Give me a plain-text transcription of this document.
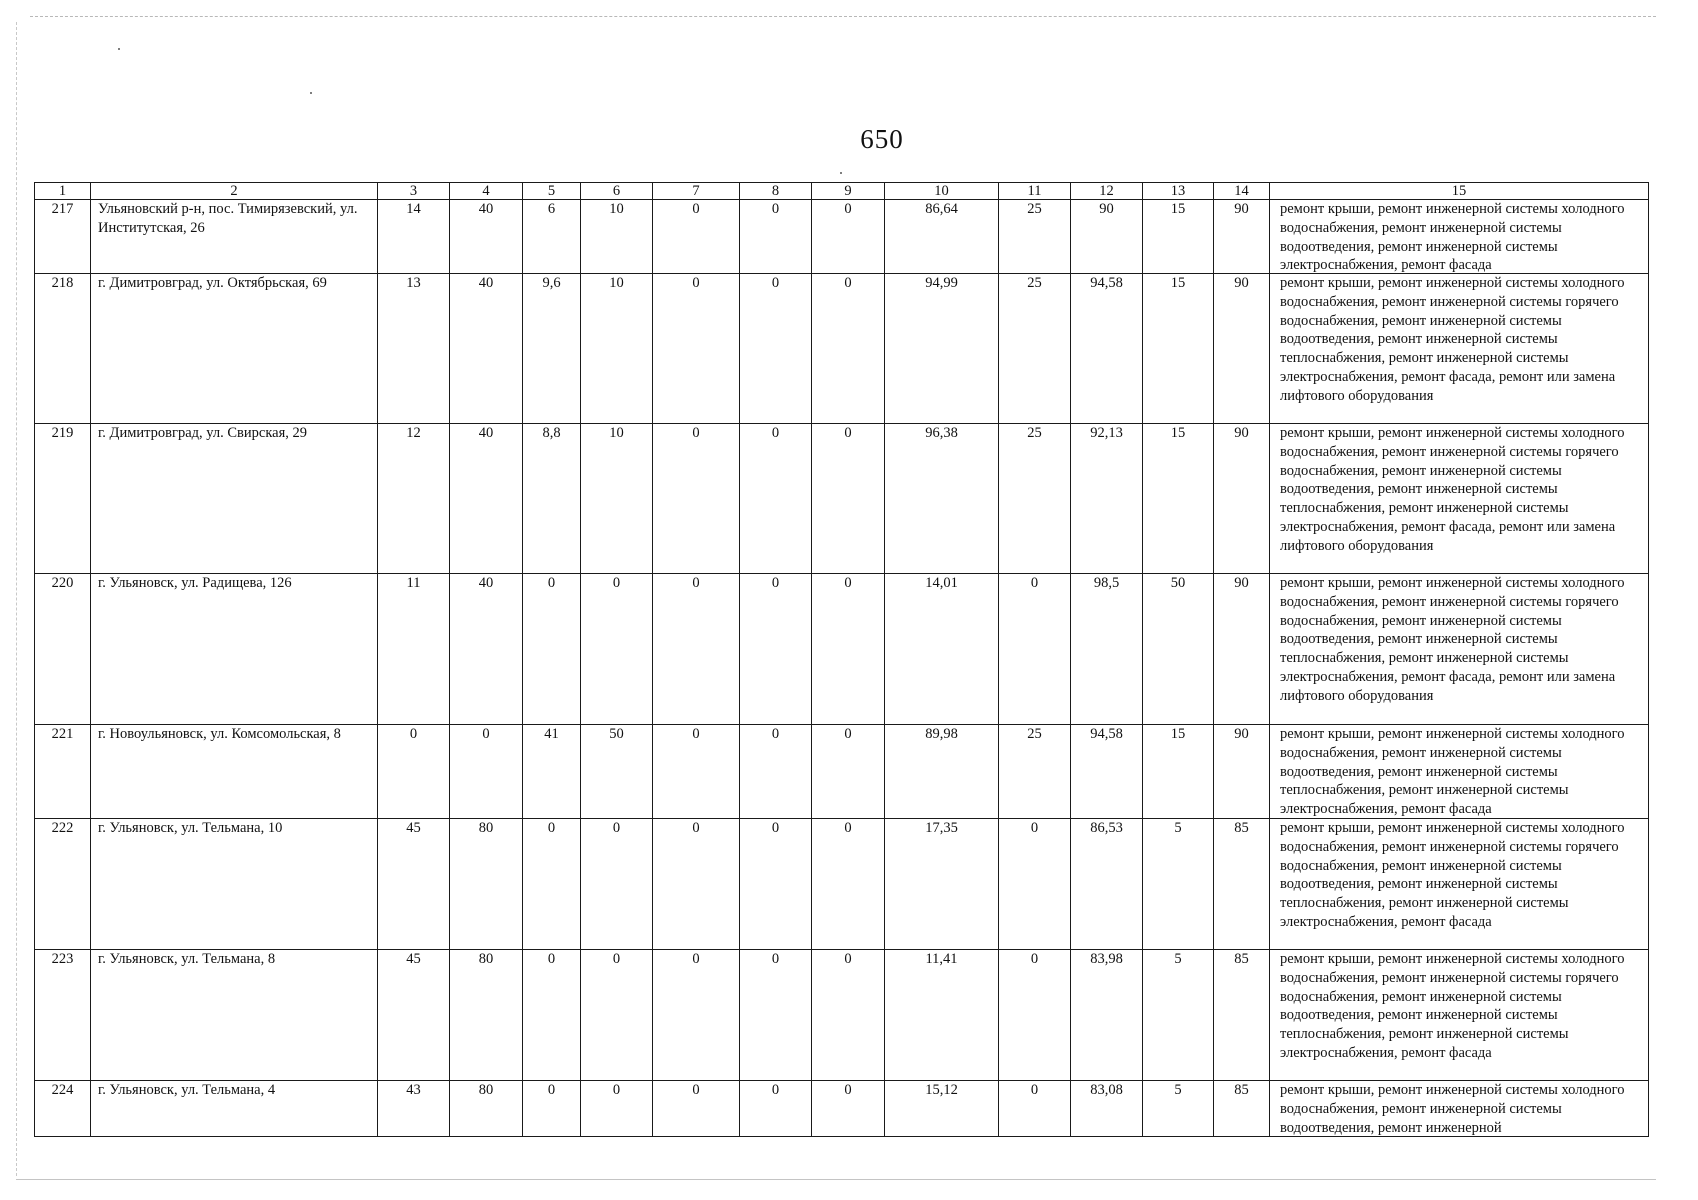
650
1	2	3	4	5	6	7	8	9	10	11	12	13	14	15
217	Ульяновский р-н, пос. Тимирязевский, ул. Институтская, 26	14	40	6	10	0	0	0	86,64	25	90	15	90	ремонт крыши, ремонт инженерной системы холодного водоснабжения, ремонт инженерной системы водоотведения, ремонт инженерной системы электроснабжения, ремонт фасада

218	г. Димитровград, ул. Октябрьская, 69	13	40	9,6	10	0	0	0	94,99	25	94,58	15	90	ремонт крыши, ремонт инженерной системы холодного водоснабжения, ремонт инженерной системы горячего водоснабжения, ремонт инженерной системы водоотведения, ремонт инженерной системы теплоснабжения, ремонт инженерной системы электроснабжения, ремонт фасада, ремонт или замена лифтового оборудования

219	г. Димитровград, ул. Свирская, 29	12	40	8,8	10	0	0	0	96,38	25	92,13	15	90	ремонт крыши, ремонт инженерной системы холодного водоснабжения, ремонт инженерной системы горячего водоснабжения, ремонт инженерной системы водоотведения, ремонт инженерной системы теплоснабжения, ремонт инженерной системы электроснабжения, ремонт фасада, ремонт или замена лифтового оборудования

220	г. Ульяновск, ул. Радищева, 126	11	40	0	0	0	0	0	14,01	0	98,5	50	90	ремонт крыши, ремонт инженерной системы холодного водоснабжения, ремонт инженерной системы горячего водоснабжения, ремонт инженерной системы водоотведения, ремонт инженерной системы теплоснабжения, ремонт инженерной системы электроснабжения, ремонт фасада, ремонт или замена лифтового оборудования

221	г. Новоульяновск, ул. Комсомольская, 8	0	0	41	50	0	0	0	89,98	25	94,58	15	90	ремонт крыши, ремонт инженерной системы холодного водоснабжения, ремонт инженерной системы водоотведения, ремонт инженерной системы теплоснабжения, ремонт инженерной системы электроснабжения, ремонт фасада

222	г. Ульяновск, ул. Тельмана, 10	45	80	0	0	0	0	0	17,35	0	86,53	5	85	ремонт крыши, ремонт инженерной системы холодного водоснабжения, ремонт инженерной системы горячего водоснабжения, ремонт инженерной системы водоотведения, ремонт инженерной системы теплоснабжения, ремонт инженерной системы электроснабжения, ремонт фасада

223	г. Ульяновск, ул. Тельмана, 8	45	80	0	0	0	0	0	11,41	0	83,98	5	85	ремонт крыши, ремонт инженерной системы холодного водоснабжения, ремонт инженерной системы горячего водоснабжения, ремонт инженерной системы водоотведения, ремонт инженерной системы теплоснабжения, ремонт инженерной системы электроснабжения, ремонт фасада

224	г. Ульяновск, ул. Тельмана, 4	43	80	0	0	0	0	0	15,12	0	83,08	5	85	ремонт крыши, ремонт инженерной системы холодного водоснабжения, ремонт инженерной системы водоотведения, ремонт инженерной
